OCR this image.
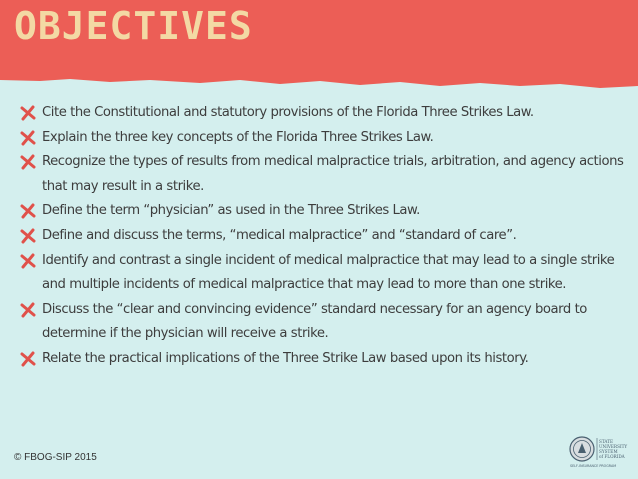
OBJECTIVES
Cite the Constitutional and statutory provisions of the Florida Three Strikes Law.
Explain the three key concepts of the Florida Three Strikes Law.
Recognize the types of results from medical malpractice trials, arbitration, and agency actions that may result in a strike.
Define the term “physician” as used in the Three Strikes Law.
Define and discuss the terms, “medical malpractice” and “standard of care”.
Identify and contrast a single incident of medical malpractice that may lead to a single strike and multiple incidents of medical malpractice that may lead to more than one strike.
Discuss the “clear and convincing evidence” standard necessary for an agency board to determine if the physician will receive a strike.
Relate the practical implications of the Three Strike Law based upon its history.
© FBOG-SIP 2015
STATE
UNIVERSITY
SYSTEM
of FLORIDA
SELF-INSURANCE PROGRAM
